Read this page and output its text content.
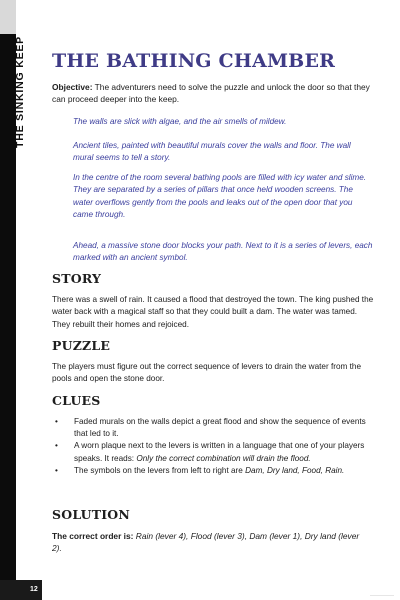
THE SINKING KEEP THE BATHING CHAMBER

Objective: The adventurers need to solve the puzzle and unlock the door so that they can proceed deeper into the keep.

The walls are slick with algae, and the air smells of mildew.

Ancient tiles, painted with beautiful murals cover the walls and floor. The wall mural seems to tell a story.

In the centre of the room several bathing pools are filled with icy water and slime. They are separated by a series of pillars that once held wooden screens. The water overflows gently from the pools and leaks out of the open door that you came through.

Ahead, a massive stone door blocks your path. Next to it is a series of levers, each marked with an ancient symbol.

STORY

There was a swell of rain. It caused a flood that destroyed the town. The king pushed the water back with a magical staff so that they could built a dam. The water was tamed. They rebuilt their homes and rejoiced.

PUZZLE

The players must figure out the correct sequence of levers to drain the water from the pools and open the stone door.

CLUES
• Faded murals on the walls depict a great flood and show the sequence of events that led to it.
• A worn plaque next to the levers is written in a language that one of your players speaks. It reads: Only the correct combination will drain the flood.
• The symbols on the levers from left to right are Dam, Dry land, Food, Rain.
SOLUTION

The correct order is: Rain (lever 4), Flood (lever 3), Dam (lever 1), Dry land (lever 2).

12
